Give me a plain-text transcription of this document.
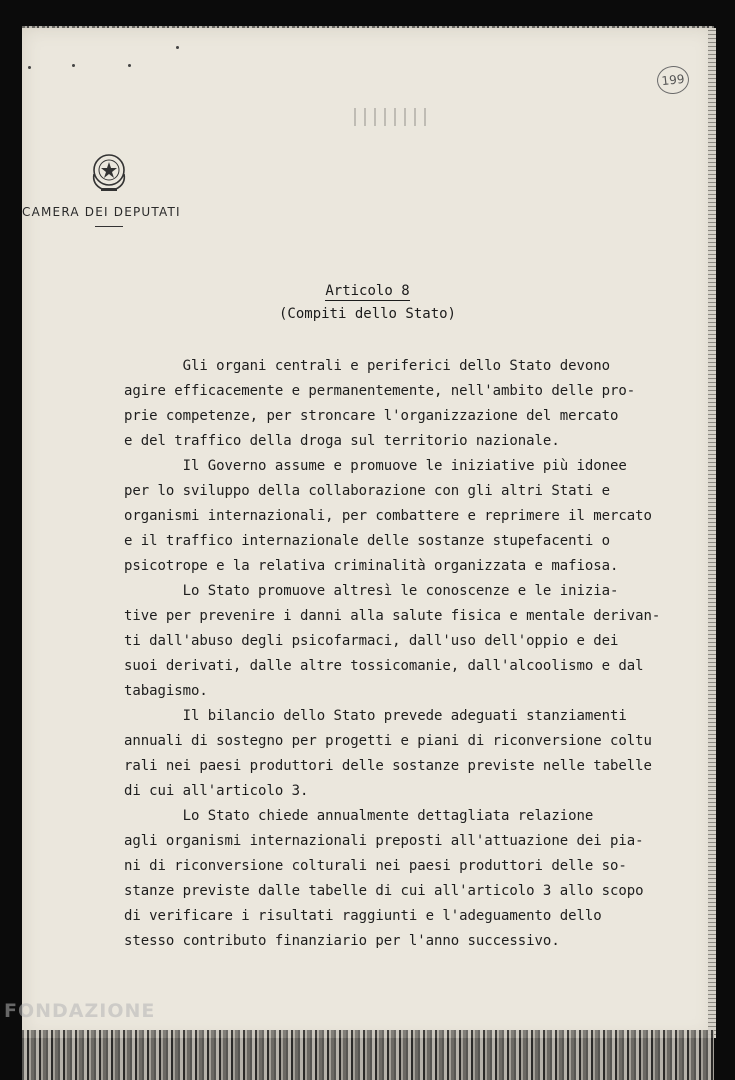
199
CAMERA DEI DEPUTATI
Articolo 8
(Compiti dello Stato)
Gli organi centrali e periferici dello Stato devono
agire efficacemente e permanentemente, nell'ambito delle pro-
prie competenze, per stroncare l'organizzazione del mercato
e del traffico della droga sul territorio nazionale.
Il Governo assume e promuove le iniziative più idonee
per lo sviluppo della collaborazione con gli altri Stati e
organismi internazionali, per combattere e reprimere il mercato
e il traffico internazionale delle sostanze stupefacenti o
psicotrope e la relativa criminalità organizzata e mafiosa.
Lo Stato promuove altresì le conoscenze e le inizia-
tive per prevenire i danni alla salute fisica e mentale derivan-
ti dall'abuso degli psicofarmaci, dall'uso dell'oppio e dei
suoi derivati, dalle altre tossicomanie, dall'alcoolismo e dal
tabagismo.
Il bilancio dello Stato prevede adeguati stanziamenti
annuali di sostegno per progetti e piani di riconversione coltu
rali nei paesi produttori delle sostanze previste nelle tabelle
di cui all'articolo 3.
Lo Stato chiede annualmente dettagliata relazione
agli organismi internazionali preposti all'attuazione dei pia-
ni di riconversione colturali nei paesi produttori delle so-
stanze previste dalle tabelle di cui all'articolo 3 allo scopo
di verificare i risultati raggiunti e l'adeguamento dello
stesso contributo finanziario per l'anno successivo.
FONDAZIONE
